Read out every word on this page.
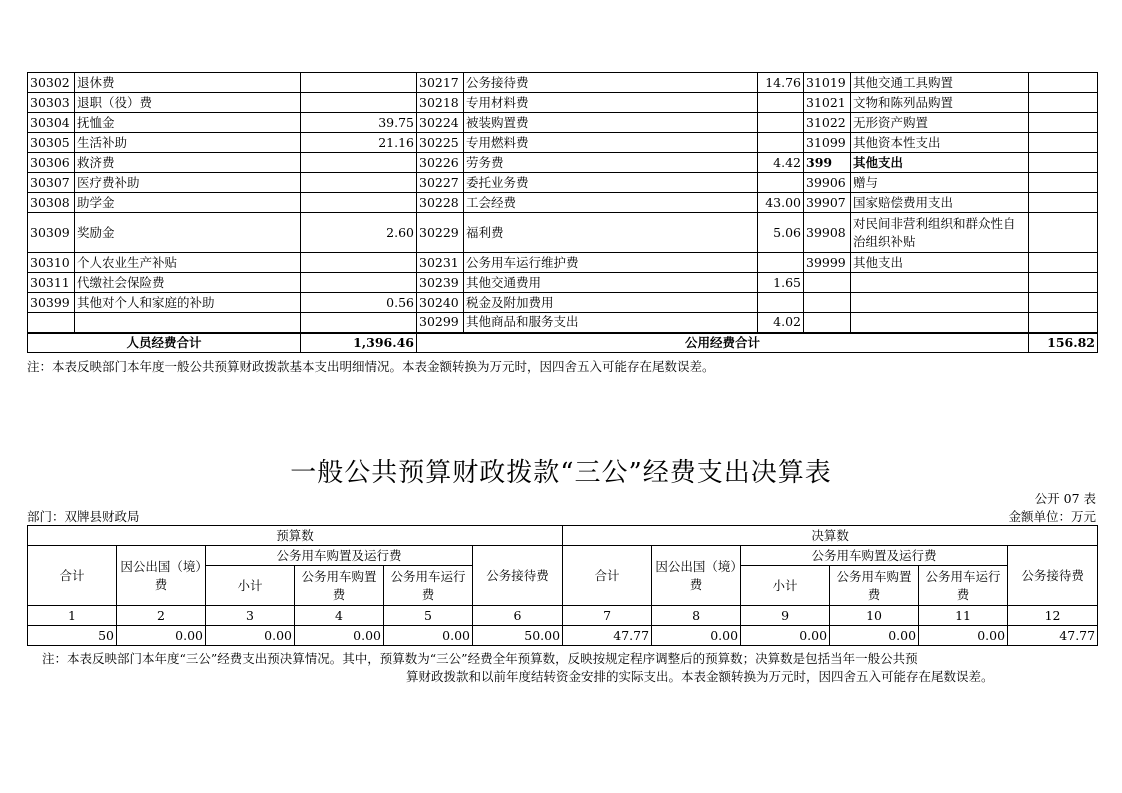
30302	退休费		30217	公务接待费	14.76	31019	其他交通工具购置	
30303	退职（役）费		30218	专用材料费		31021	文物和陈列品购置	
30304	抚恤金	39.75	30224	被装购置费		31022	无形资产购置	
30305	生活补助	21.16	30225	专用燃料费		31099	其他资本性支出	
30306	救济费		30226	劳务费	4.42	399	其他支出	
30307	医疗费补助		30227	委托业务费		39906	赠与	
30308	助学金		30228	工会经费	43.00	39907	国家赔偿费用支出	
30309	奖励金	2.60	30229	福利费	5.06	39908	对民间非营利组织和群众性自治组织补贴	
30310	个人农业生产补贴		30231	公务用车运行维护费		39999	其他支出	
30311	代缴社会保险费		30239	其他交通费用	1.65			
30399	其他对个人和家庭的补助	0.56	30240	税金及附加费用				
			30299	其他商品和服务支出	4.02			
人员经费合计		1,396.46	公用经费合计					156.82
注：本表反映部门本年度一般公共预算财政拨款基本支出明细情况。本表金额转换为万元时，因四舍五入可能存在尾数误差。
一般公共预算财政拨款“三公”经费支出决算表
公开 07 表
部门：双牌县财政局	金额单位：万元
预算数						决算数					
合计	因公出国（境）费	公务用车购置及运行费			公务接待费	合计	因公出国（境）费	公务用车购置及运行费			公务接待费
		小计	公务用车购置费	公务用车运行费				小计	公务用车购置费	公务用车运行费	
1	2	3	4	5	6	7	8	9	10	11	12
50	0.00	0.00	0.00	0.00	50.00	47.77	0.00	0.00	0.00	0.00	47.77
注：本表反映部门本年度“三公”经费支出预决算情况。其中，预算数为“三公”经费全年预算数，反映按规定程序调整后的预算数；决算数是包括当年一般公共预
算财政拨款和以前年度结转资金安排的实际支出。本表金额转换为万元时，因四舍五入可能存在尾数误差。
